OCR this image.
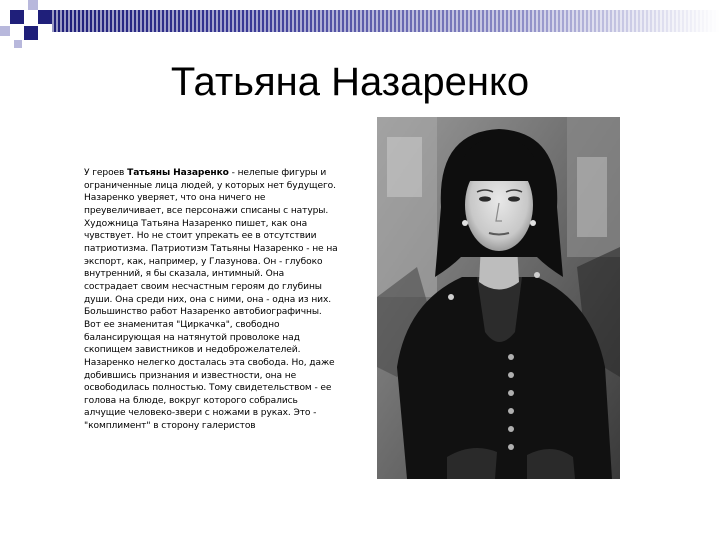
Татьяна Назаренко
У героев Татьяны Назаренко - нелепые фигуры и ограниченные лица людей, у которых нет будущего. Назаренко уверяет, что она ничего не преувеличивает, все персонажи списаны с натуры. Художница Татьяна Назаренко пишет, как она чувствует. Но не стоит упрекать ее в отсутствии патриотизма. Патриотизм Татьяны Назаренко - не на экспорт, как, например, у Глазунова. Он - глубоко внутренний, я бы сказала, интимный. Она сострадает своим несчастным героям до глубины души. Она среди них, она с ними, она - одна из них. Большинство работ Назаренко автобиографичны. Вот ее знаменитая "Циркачка", свободно балансирующая на натянутой проволоке над скопищем завистников и недоброжелателей. Назаренко нелегко досталась эта свобода. Но, даже добившись признания и известности, она не освободилась полностью. Тому свидетельством - ее голова на блюде, вокруг которого собрались алчущие человеко-звери с ножами в руках. Это - "комплимент" в сторону галеристов
